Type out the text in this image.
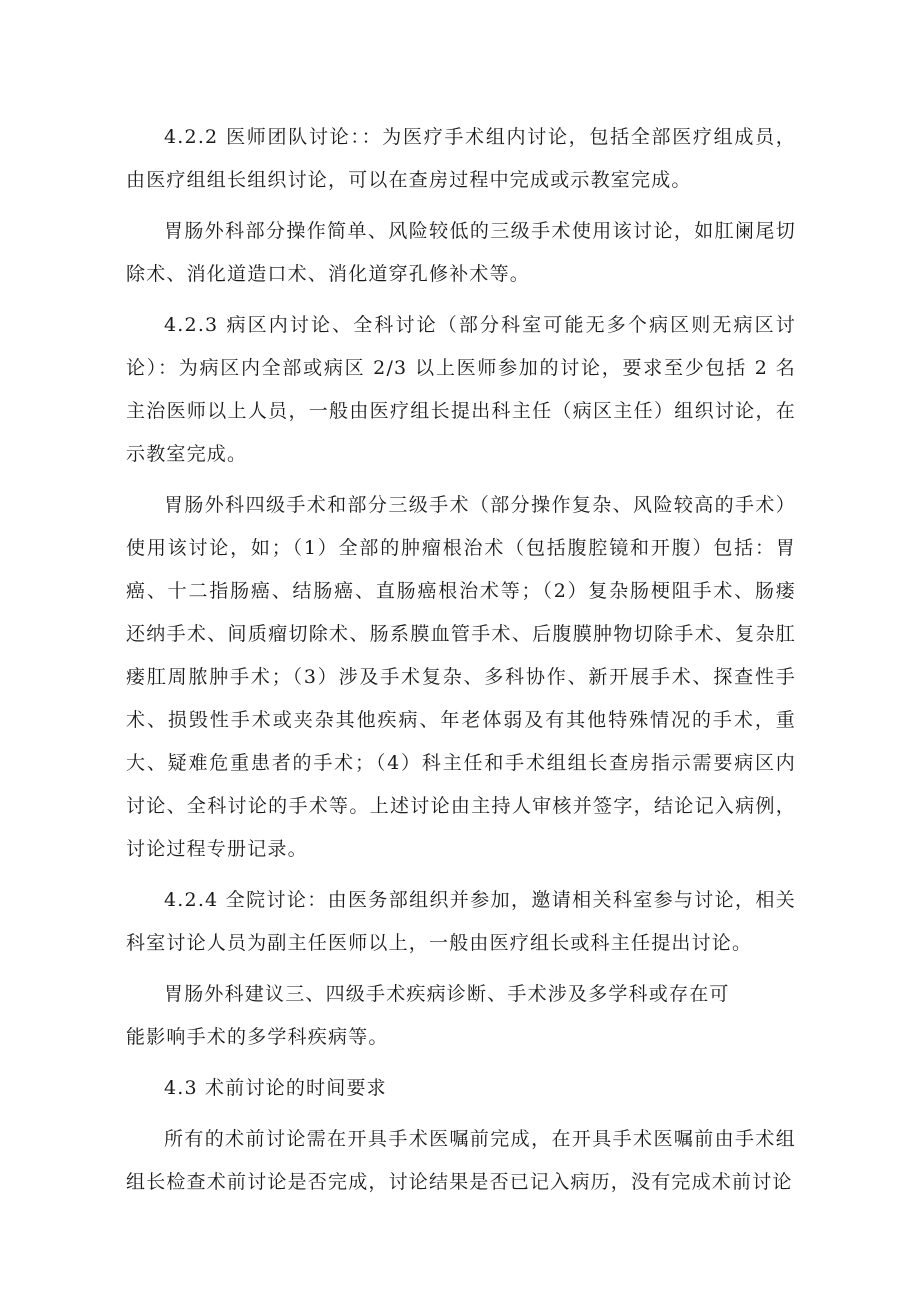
4.2.2 医师团队讨论：：为医疗手术组内讨论，包括全部医疗组成员，由医疗组组长组织讨论，可以在查房过程中完成或示教室完成。

胃肠外科部分操作简单、风险较低的三级手术使用该讨论，如肛阑尾切除术、消化道造口术、消化道穿孔修补术等。

4.2.3 病区内讨论、全科讨论（部分科室可能无多个病区则无病区讨论）：为病区内全部或病区 2/3 以上医师参加的讨论，要求至少包括 2 名主治医师以上人员，一般由医疗组长提出科主任（病区主任）组织讨论，在示教室完成。

胃肠外科四级手术和部分三级手术（部分操作复杂、风险较高的手术）使用该讨论，如；（1）全部的肿瘤根治术（包括腹腔镜和开腹）包括：胃癌、十二指肠癌、结肠癌、直肠癌根治术等；（2）复杂肠梗阻手术、肠瘘还纳手术、间质瘤切除术、肠系膜血管手术、后腹膜肿物切除手术、复杂肛瘘肛周脓肿手术；（3）涉及手术复杂、多科协作、新开展手术、探查性手术、损毁性手术或夹杂其他疾病、年老体弱及有其他特殊情况的手术，重大、疑难危重患者的手术；（4）科主任和手术组组长查房指示需要病区内讨论、全科讨论的手术等。上述讨论由主持人审核并签字，结论记入病例，讨论过程专册记录。

4.2.4 全院讨论：由医务部组织并参加，邀请相关科室参与讨论，相关科室讨论人员为副主任医师以上，一般由医疗组长或科主任提出讨论。

胃肠外科建议三、四级手术疾病诊断、手术涉及多学科或存在可
能影响手术的多学科疾病等。

4.3 术前讨论的时间要求

所有的术前讨论需在开具手术医嘱前完成，在开具手术医嘱前由手术组组长检查术前讨论是否完成，讨论结果是否已记入病历，没有完成术前讨论
